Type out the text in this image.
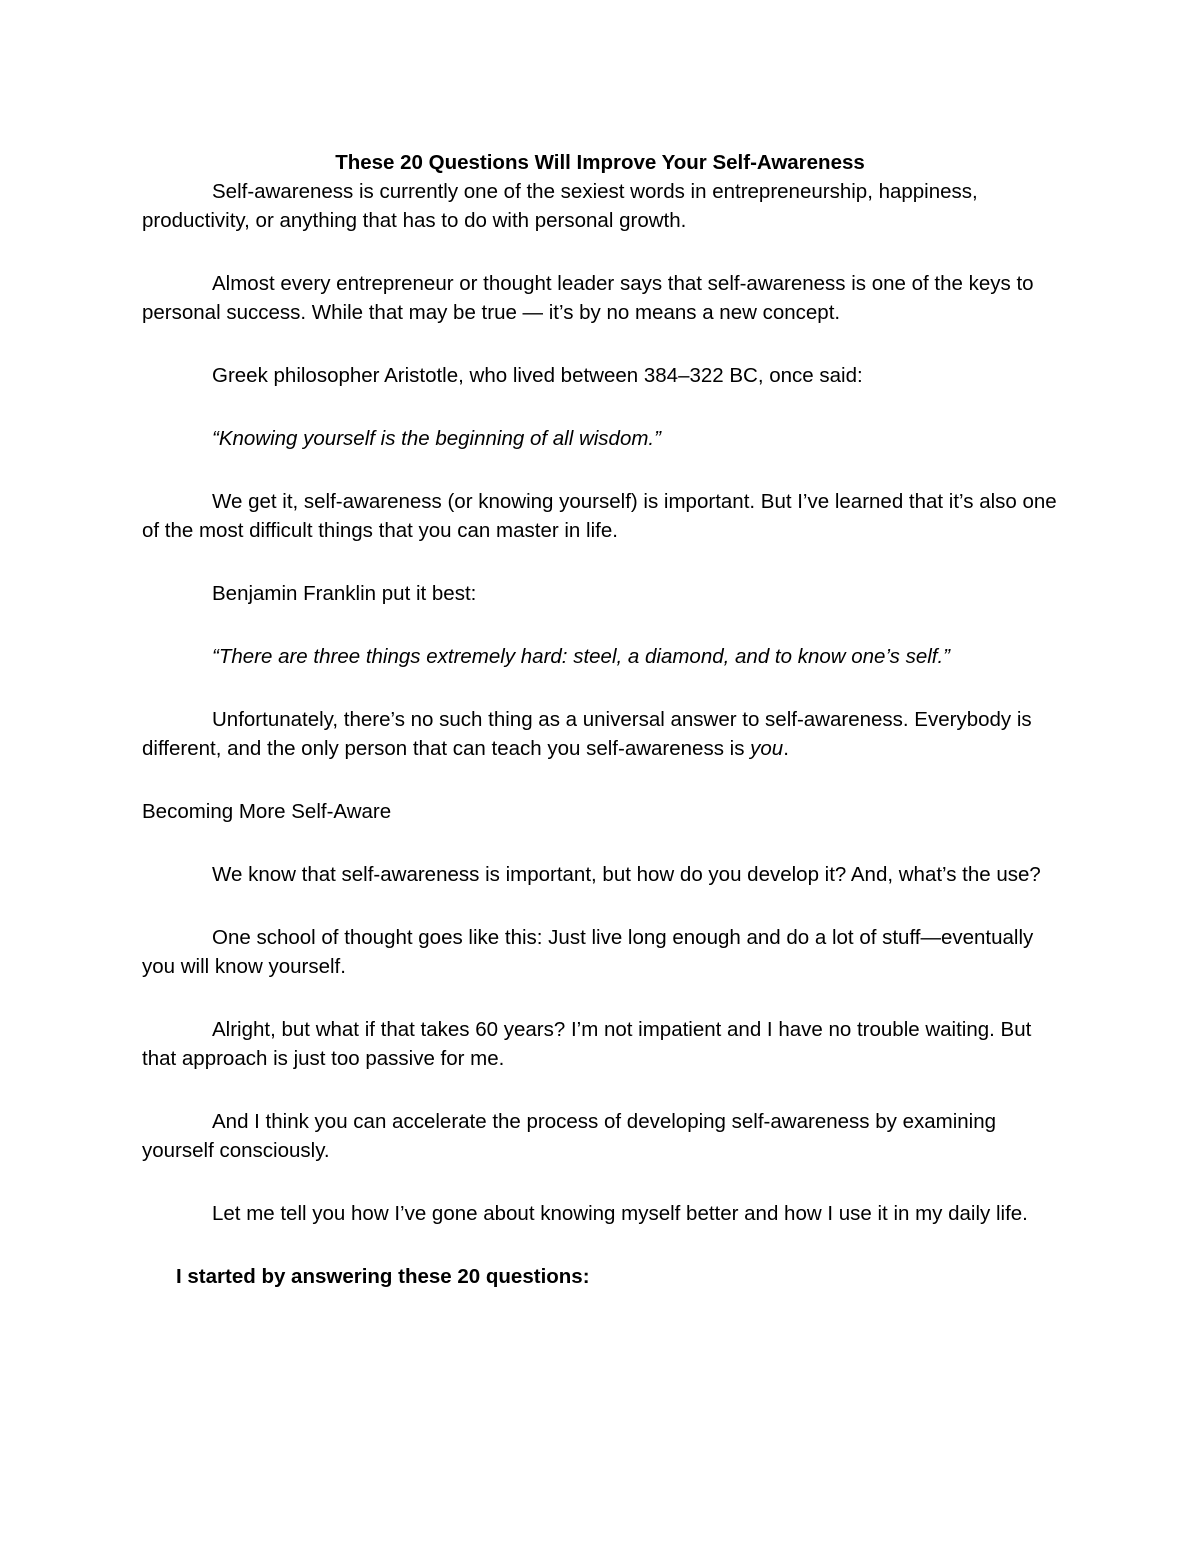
These 20 Questions Will Improve Your Self-Awareness

Self-awareness is currently one of the sexiest words in entrepreneurship, happiness, productivity, or anything that has to do with personal growth.

Almost every entrepreneur or thought leader says that self-awareness is one of the keys to personal success. While that may be true — it’s by no means a new concept.

Greek philosopher Aristotle, who lived between 384–322 BC, once said:

“Knowing yourself is the beginning of all wisdom.”

We get it, self-awareness (or knowing yourself) is important. But I’ve learned that it’s also one of the most difficult things that you can master in life.

Benjamin Franklin put it best:

“There are three things extremely hard: steel, a diamond, and to know one’s self.”

Unfortunately, there’s no such thing as a universal answer to self-awareness. Everybody is different, and the only person that can teach you self-awareness is you.

Becoming More Self-Aware

We know that self-awareness is important, but how do you develop it? And, what’s the use?

One school of thought goes like this: Just live long enough and do a lot of stuff—eventually you will know yourself.

Alright, but what if that takes 60 years? I’m not impatient and I have no trouble waiting. But that approach is just too passive for me.

And I think you can accelerate the process of developing self-awareness by examining yourself consciously.

Let me tell you how I’ve gone about knowing myself better and how I use it in my daily life.

I started by answering these 20 questions:
